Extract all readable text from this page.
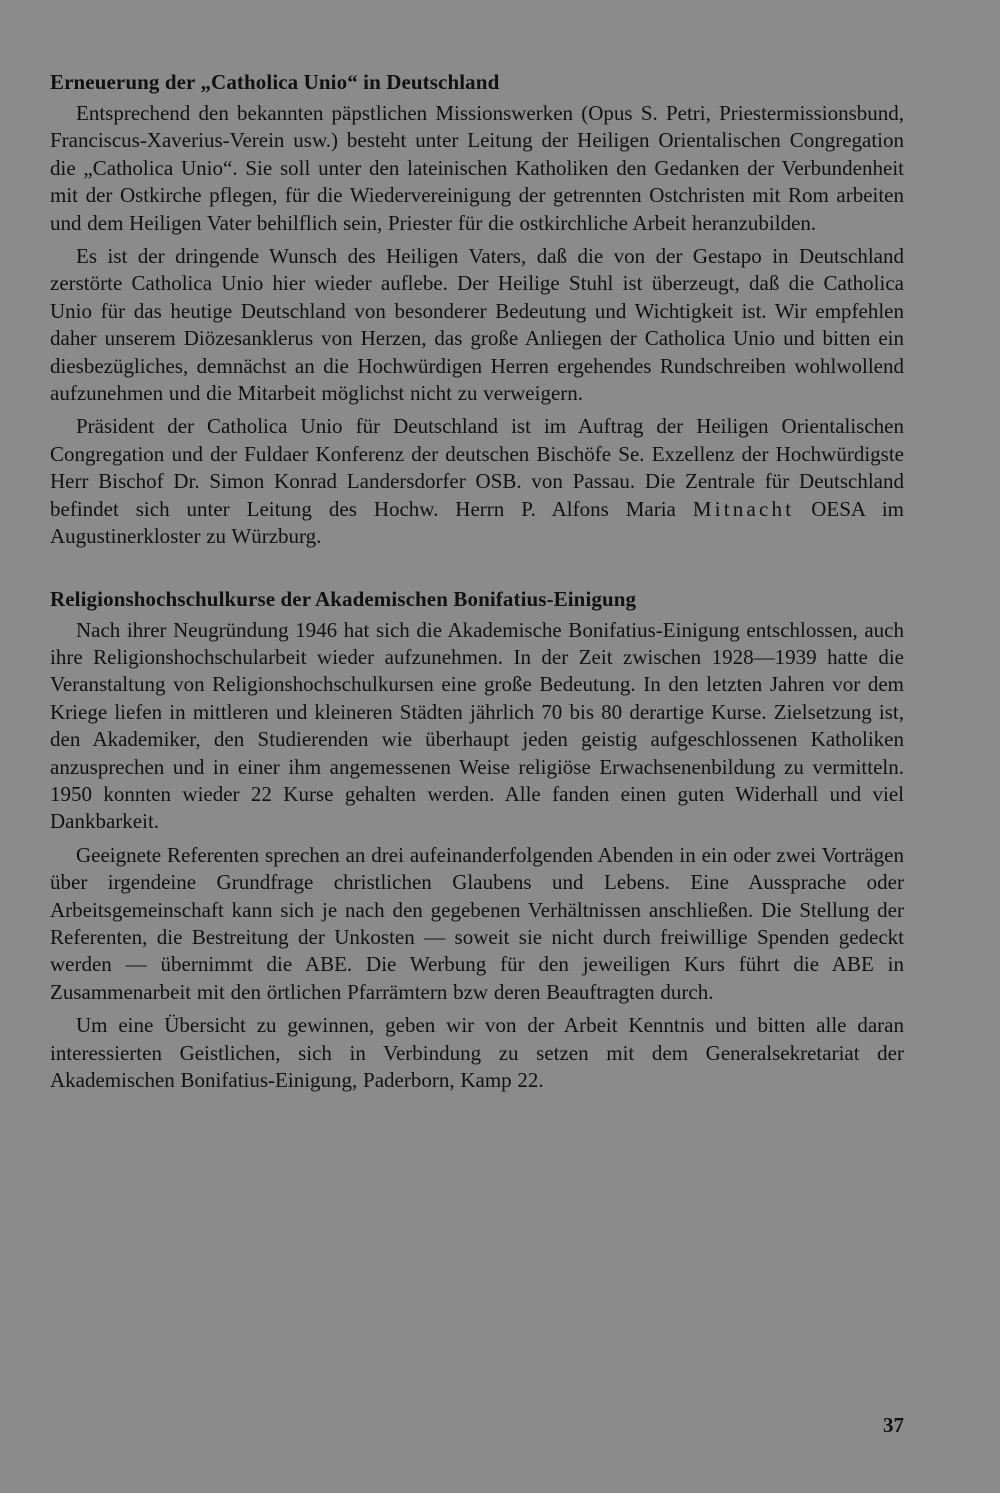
Erneuerung der „Catholica Unio“ in Deutschland

Entsprechend den bekannten päpstlichen Missionswerken (Opus S. Petri, Priestermissionsbund, Franciscus-Xaverius-Verein usw.) besteht unter Leitung der Heiligen Orientalischen Congregation die „Catholica Unio“. Sie soll unter den lateinischen Katholiken den Gedanken der Verbundenheit mit der Ostkirche pflegen, für die Wiedervereinigung der getrennten Ostchristen mit Rom arbeiten und dem Heiligen Vater behilflich sein, Priester für die ostkirchliche Arbeit heranzubilden.

Es ist der dringende Wunsch des Heiligen Vaters, daß die von der Gestapo in Deutschland zerstörte Catholica Unio hier wieder auflebe. Der Heilige Stuhl ist überzeugt, daß die Catholica Unio für das heutige Deutschland von besonderer Bedeutung und Wichtigkeit ist. Wir empfehlen daher unserem Diözesanklerus von Herzen, das große Anliegen der Catholica Unio und bitten ein diesbezügliches, demnächst an die Hochwürdigen Herren ergehendes Rundschreiben wohlwollend aufzunehmen und die Mitarbeit möglichst nicht zu verweigern.

Präsident der Catholica Unio für Deutschland ist im Auftrag der Heiligen Orientalischen Congregation und der Fuldaer Konferenz der deutschen Bischöfe Se. Exzellenz der Hochwürdigste Herr Bischof Dr. Simon Konrad Landersdorfer OSB. von Passau. Die Zentrale für Deutschland befindet sich unter Leitung des Hochw. Herrn P. Alfons Maria Mitnacht OESA im Augustinerkloster zu Würzburg.

Religionshochschulkurse der Akademischen Bonifatius-Einigung

Nach ihrer Neugründung 1946 hat sich die Akademische Bonifatius-Einigung entschlossen, auch ihre Religionshochschularbeit wieder aufzunehmen. In der Zeit zwischen 1928—1939 hatte die Veranstaltung von Religionshochschulkursen eine große Bedeutung. In den letzten Jahren vor dem Kriege liefen in mittleren und kleineren Städten jährlich 70 bis 80 derartige Kurse. Zielsetzung ist, den Akademiker, den Studierenden wie überhaupt jeden geistig aufgeschlossenen Katholiken anzusprechen und in einer ihm angemessenen Weise religiöse Erwachsenenbildung zu vermitteln. 1950 konnten wieder 22 Kurse gehalten werden. Alle fanden einen guten Widerhall und viel Dankbarkeit.

Geeignete Referenten sprechen an drei aufeinanderfolgenden Abenden in ein oder zwei Vorträgen über irgendeine Grundfrage christlichen Glaubens und Lebens. Eine Aussprache oder Arbeitsgemeinschaft kann sich je nach den gegebenen Verhältnissen anschließen. Die Stellung der Referenten, die Bestreitung der Unkosten — soweit sie nicht durch freiwillige Spenden gedeckt werden — übernimmt die ABE. Die Werbung für den jeweiligen Kurs führt die ABE in Zusammenarbeit mit den örtlichen Pfarrämtern bzw deren Beauftragten durch.

Um eine Übersicht zu gewinnen, geben wir von der Arbeit Kenntnis und bitten alle daran interessierten Geistlichen, sich in Verbindung zu setzen mit dem Generalsekretariat der Akademischen Bonifatius-Einigung, Paderborn, Kamp 22.

37
